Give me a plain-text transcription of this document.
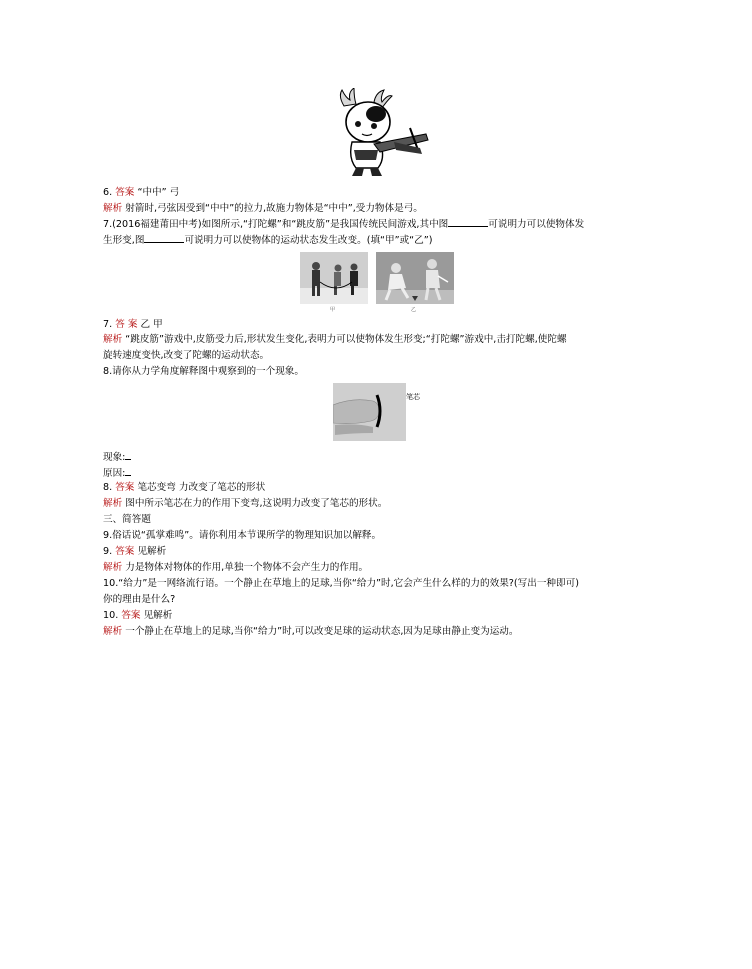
6. 答案 “中中” 弓
解析 射箭时,弓弦因受到“中中”的拉力,故施力物体是“中中”,受力物体是弓。
7.(2016福建莆田中考)如图所示,“打陀螺”和“跳皮筋”是我国传统民间游戏,其中图	可说明力可以使物体发
生形变,图	可说明力可以使物体的运动状态发生改变。(填“甲”或“乙”)
甲	乙
7. 答 案 乙 甲
解析 “跳皮筋”游戏中,皮筋受力后,形状发生变化,表明力可以使物体发生形变;“打陀螺”游戏中,击打陀螺,使陀螺
旋转速度变快,改变了陀螺的运动状态。
8.请你从力学角度解释图中观察到的一个现象。
笔芯
现象:
原因:
8. 答案 笔芯变弯 力改变了笔芯的形状
解析 图中所示笔芯在力的作用下变弯,这说明力改变了笔芯的形状。
三、简答题
9.俗话说“孤掌难鸣”。请你利用本节课所学的物理知识加以解释。
9. 答案 见解析
解析 力是物体对物体的作用,单独一个物体不会产生力的作用。
10.“给力”是一网络流行语。一个静止在草地上的足球,当你“给力”时,它会产生什么样的力的效果?(写出一种即可)
你的理由是什么?
10. 答案 见解析
解析 一个静止在草地上的足球,当你“给力”时,可以改变足球的运动状态,因为足球由静止变为运动。
